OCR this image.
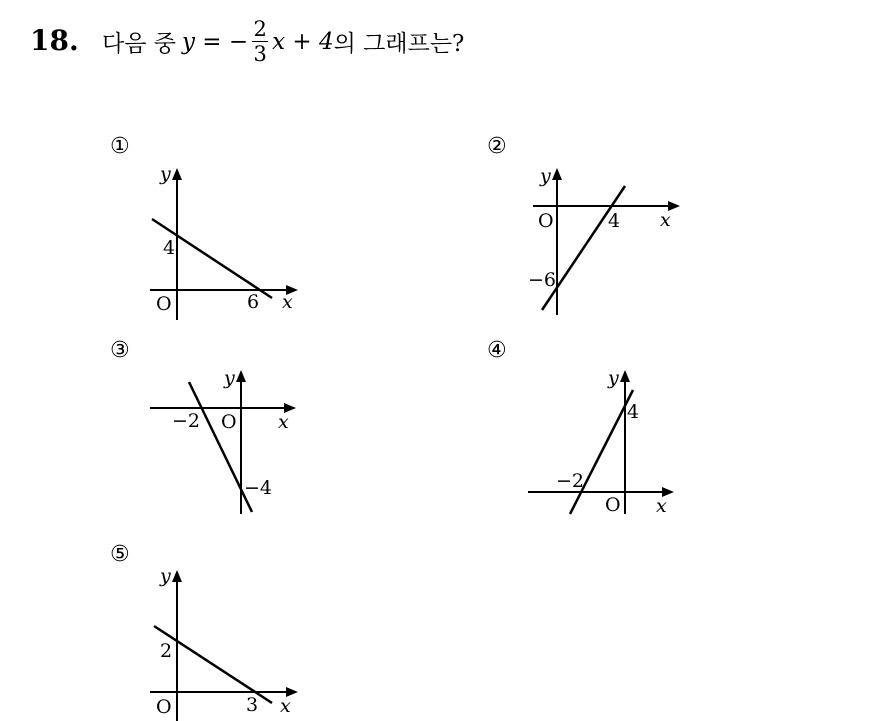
18. 다음 중 y = − $\frac{2}{3}$ x + 4 의 그래프는?
①
y
x
O
4
6
②
y
x
O	4
−6
③
y
x
−2 O
−4
④
y
x
4
−2
O
⑤
y
x
O
2
3
